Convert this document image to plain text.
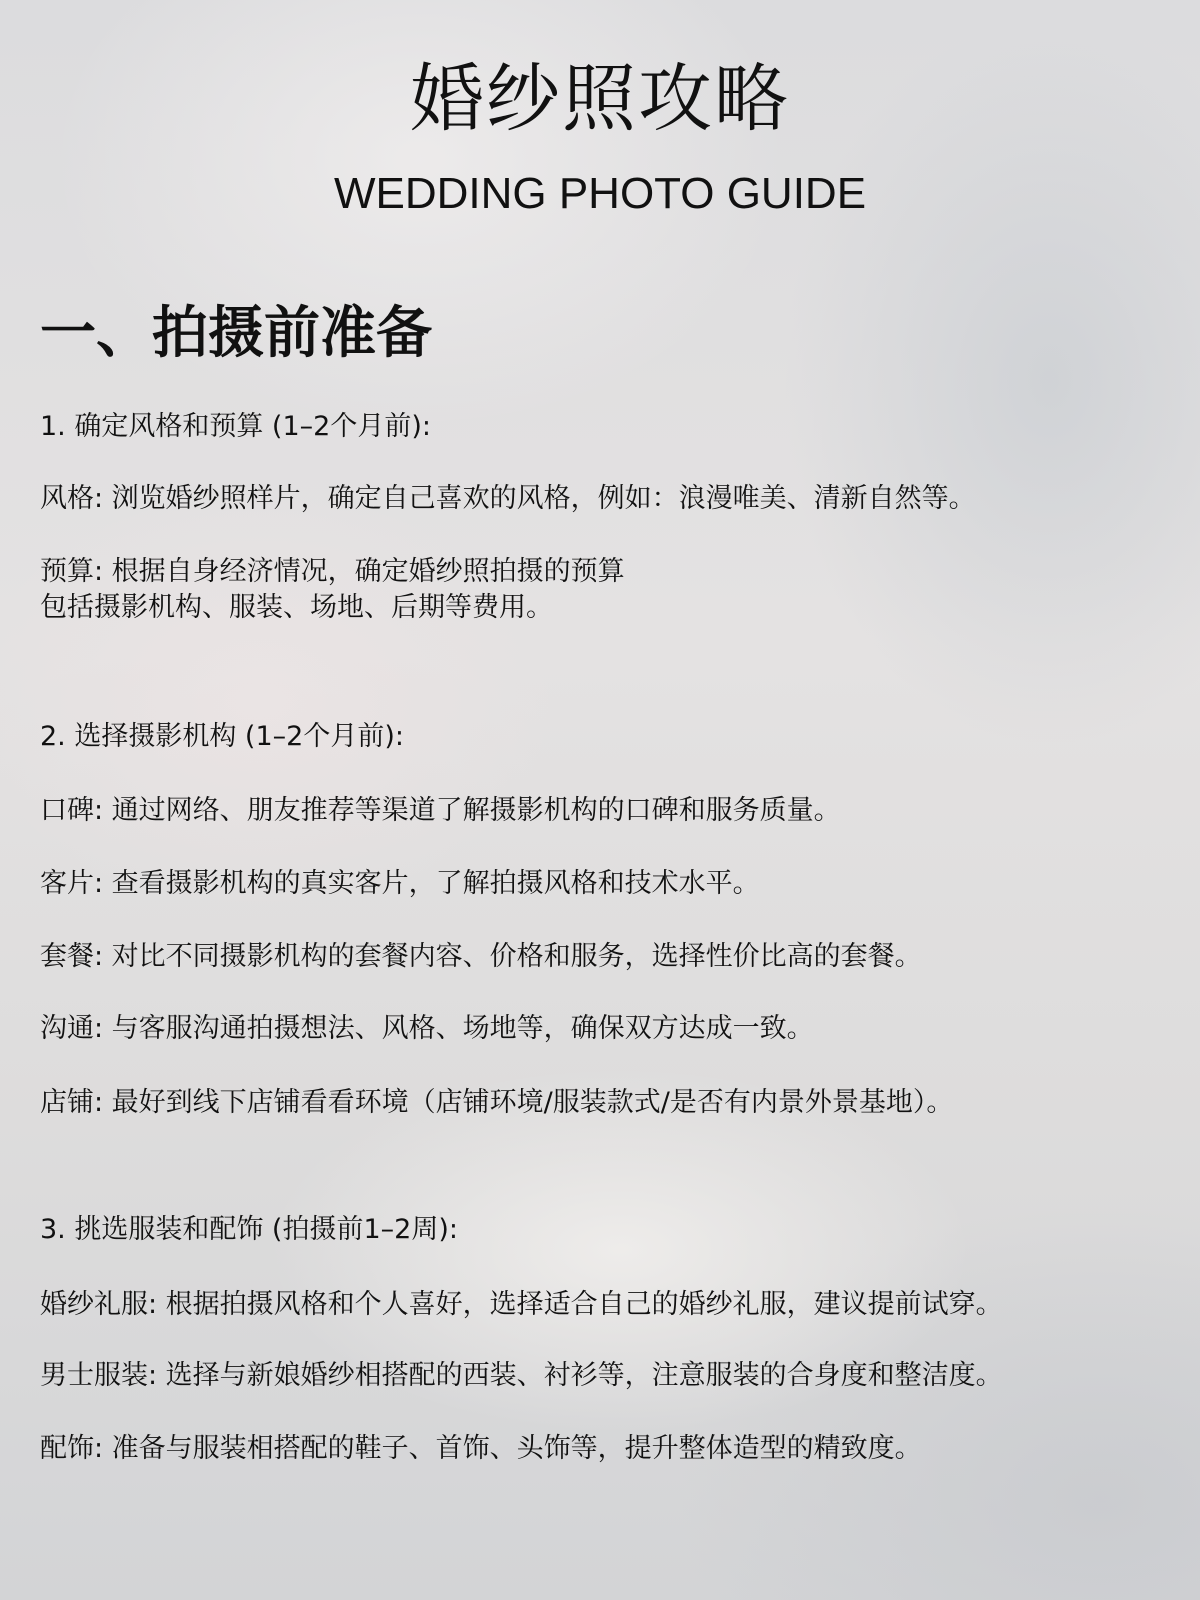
婚纱照攻略
WEDDING PHOTO GUIDE
一、拍摄前准备
1. 确定风格和预算 (1–2个月前):
风格: 浏览婚纱照样片，确定自己喜欢的风格，例如：浪漫唯美、清新自然等。
预算: 根据自身经济情况，确定婚纱照拍摄的预算
包括摄影机构、服装、场地、后期等费用。
2. 选择摄影机构 (1–2个月前):
口碑: 通过网络、朋友推荐等渠道了解摄影机构的口碑和服务质量。
客片: 查看摄影机构的真实客片，了解拍摄风格和技术水平。
套餐: 对比不同摄影机构的套餐内容、价格和服务，选择性价比高的套餐。
沟通: 与客服沟通拍摄想法、风格、场地等，确保双方达成一致。
店铺: 最好到线下店铺看看环境（店铺环境/服装款式/是否有内景外景基地）。
3. 挑选服装和配饰 (拍摄前1–2周):
婚纱礼服: 根据拍摄风格和个人喜好，选择适合自己的婚纱礼服，建议提前试穿。
男士服装: 选择与新娘婚纱相搭配的西装、衬衫等，注意服装的合身度和整洁度。
配饰: 准备与服装相搭配的鞋子、首饰、头饰等，提升整体造型的精致度。
